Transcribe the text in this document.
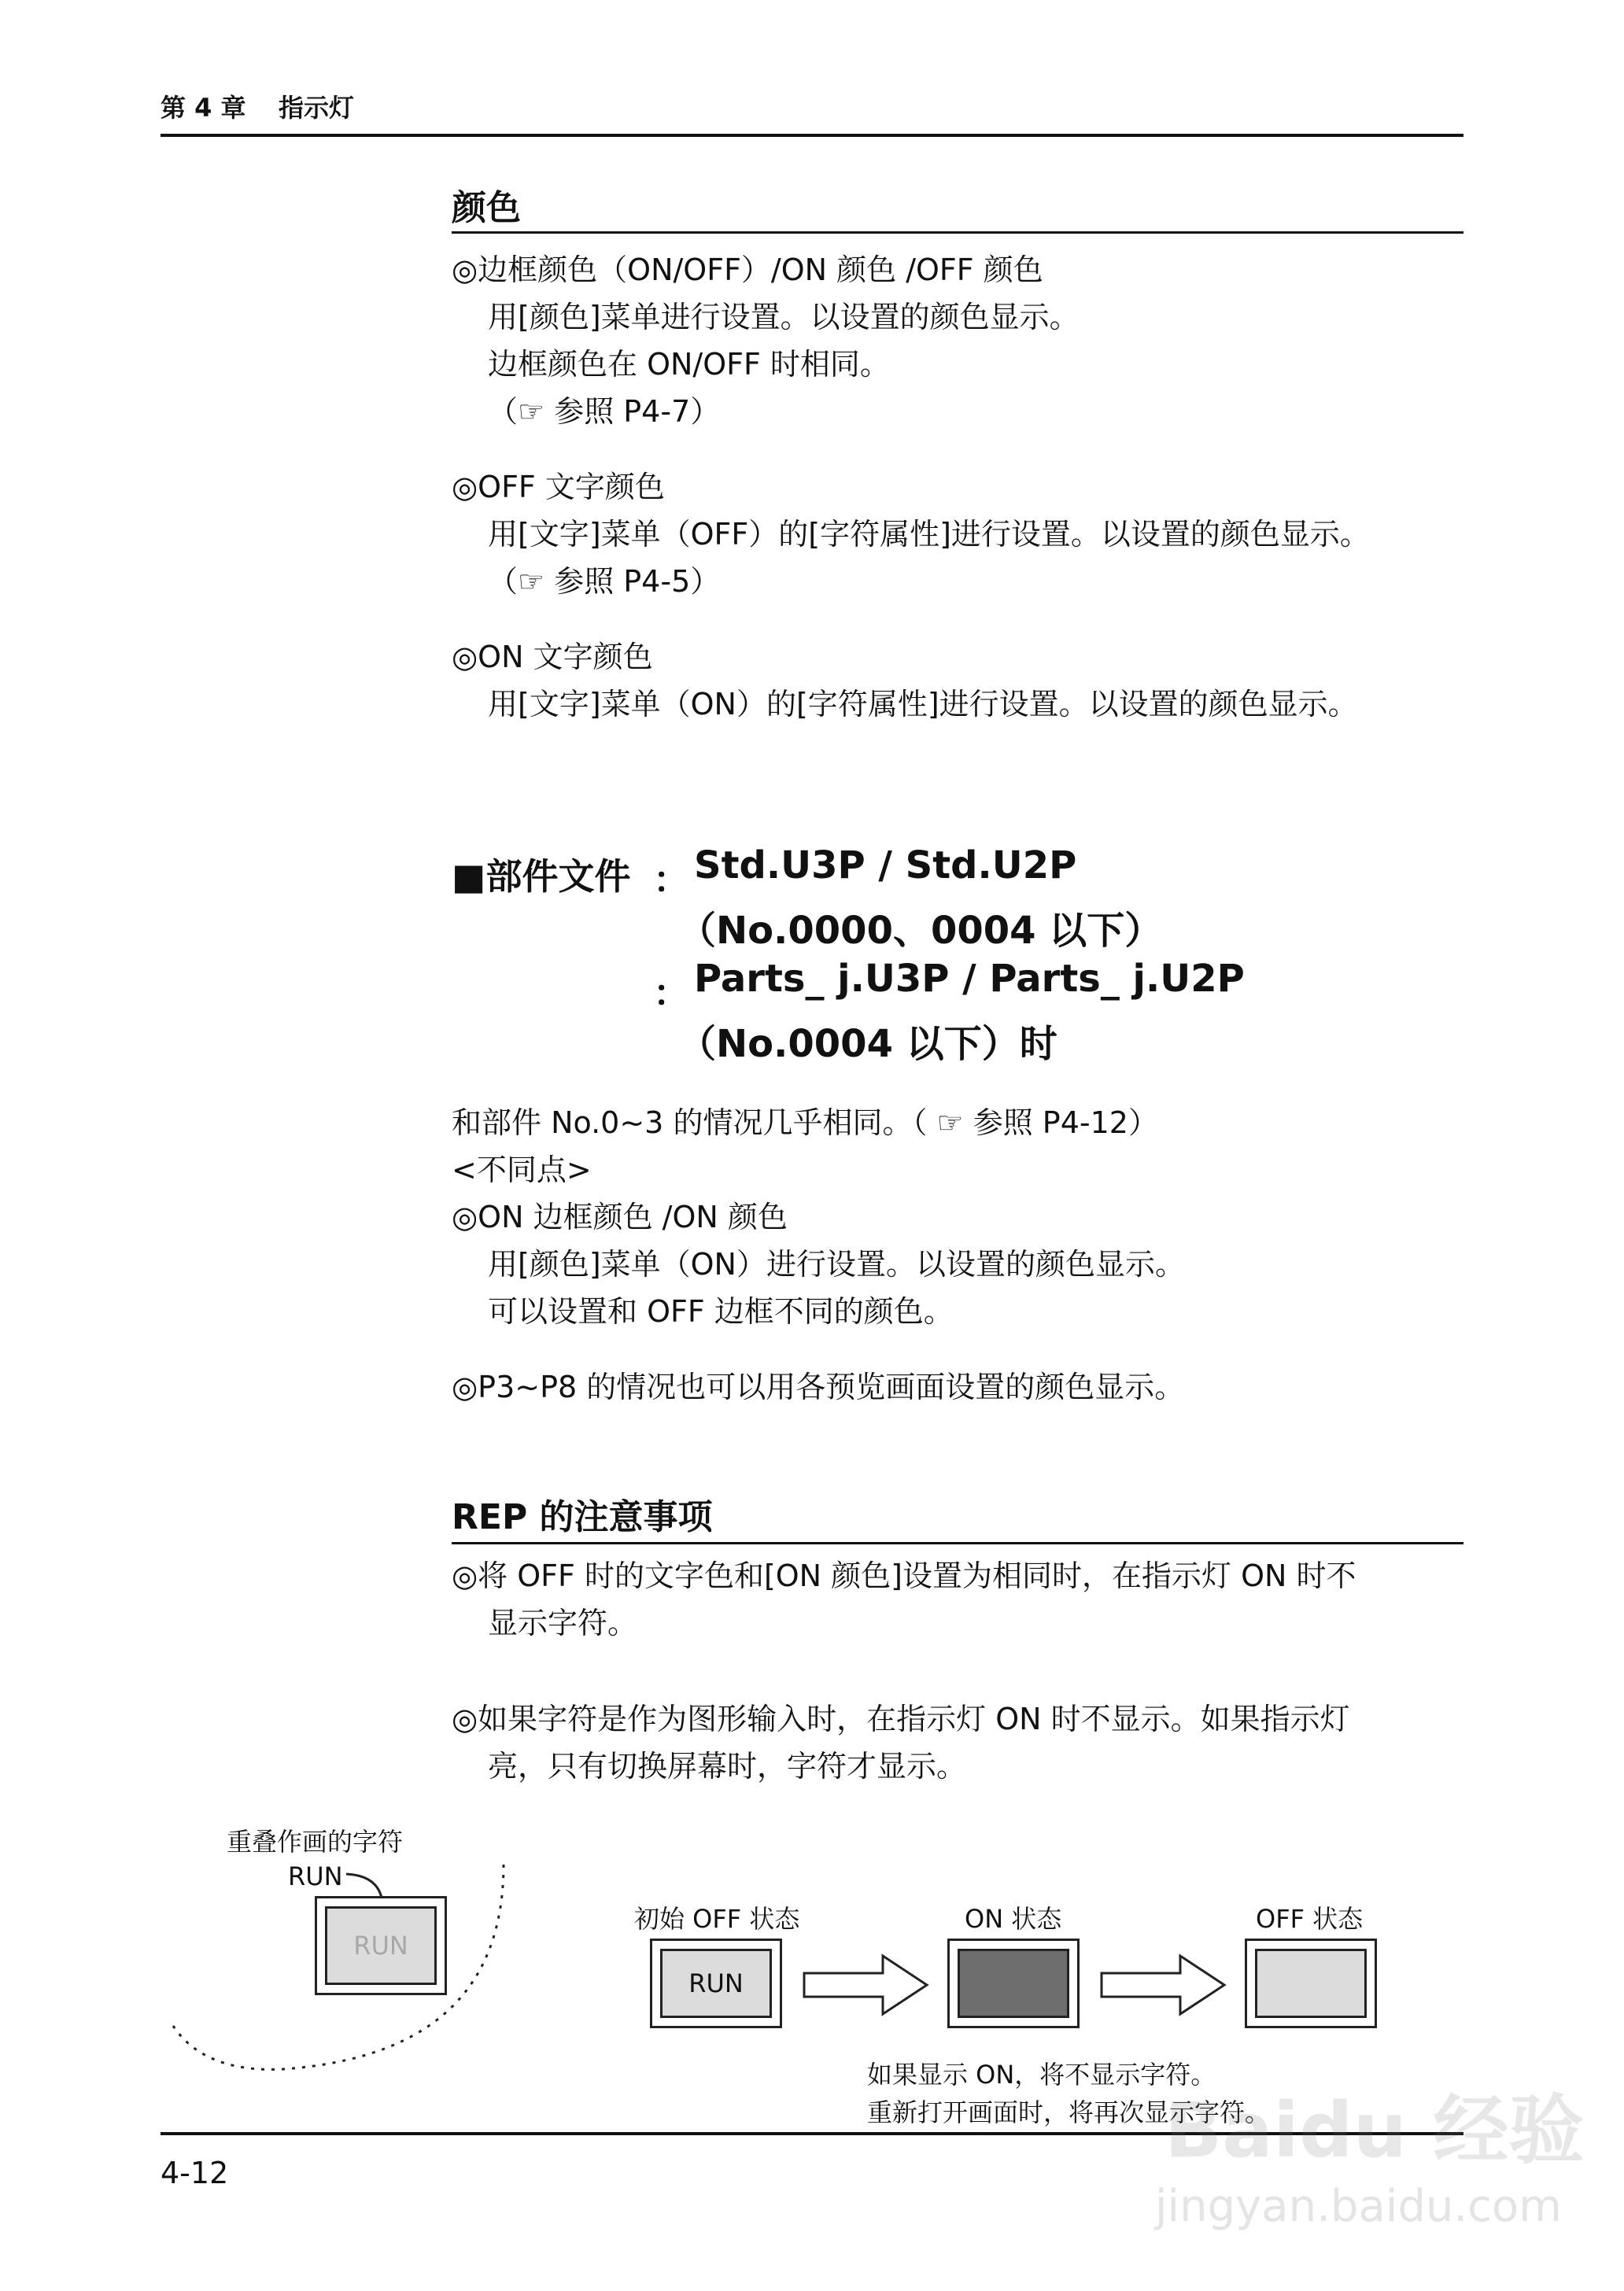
第 4 章 指示灯
颜色
◎边框颜色（ON/OFF）/ON 颜色 /OFF 颜色
用[颜色]菜单进行设置。以设置的颜色显示。
边框颜色在 ON/OFF 时相同。
（☞ 参照 P4-7）
◎OFF 文字颜色
用[文字]菜单（OFF）的[字符属性]进行设置。以设置的颜色显示。
（☞ 参照 P4-5）
◎ON 文字颜色
用[文字]菜单（ON）的[字符属性]进行设置。以设置的颜色显示。
■部件文件 ： Std.U3P / Std.U2P
（No.0000、0004 以下）
： Parts_ j.U3P / Parts_ j.U2P
（No.0004 以下）时
和部件 No.0~3 的情况几乎相同。（ ☞ 参照 P4-12）
<不同点>
◎ON 边框颜色 /ON 颜色
用[颜色]菜单（ON）进行设置。以设置的颜色显示。
可以设置和 OFF 边框不同的颜色。
◎P3~P8 的情况也可以用各预览画面设置的颜色显示。
REP 的注意事项
◎将 OFF 时的文字色和[ON 颜色]设置为相同时，在指示灯 ON 时不
显示字符。
◎如果字符是作为图形输入时，在指示灯 ON 时不显示。如果指示灯
亮，只有切换屏幕时，字符才显示。
重叠作画的字符
RUN
RUN
初始 OFF 状态	ON 状态	OFF 状态
RUN
如果显示 ON，将不显示字符。
重新打开画面时，将再次显示字符。
4-12	Baidu 经验
jingyan.baidu.com
